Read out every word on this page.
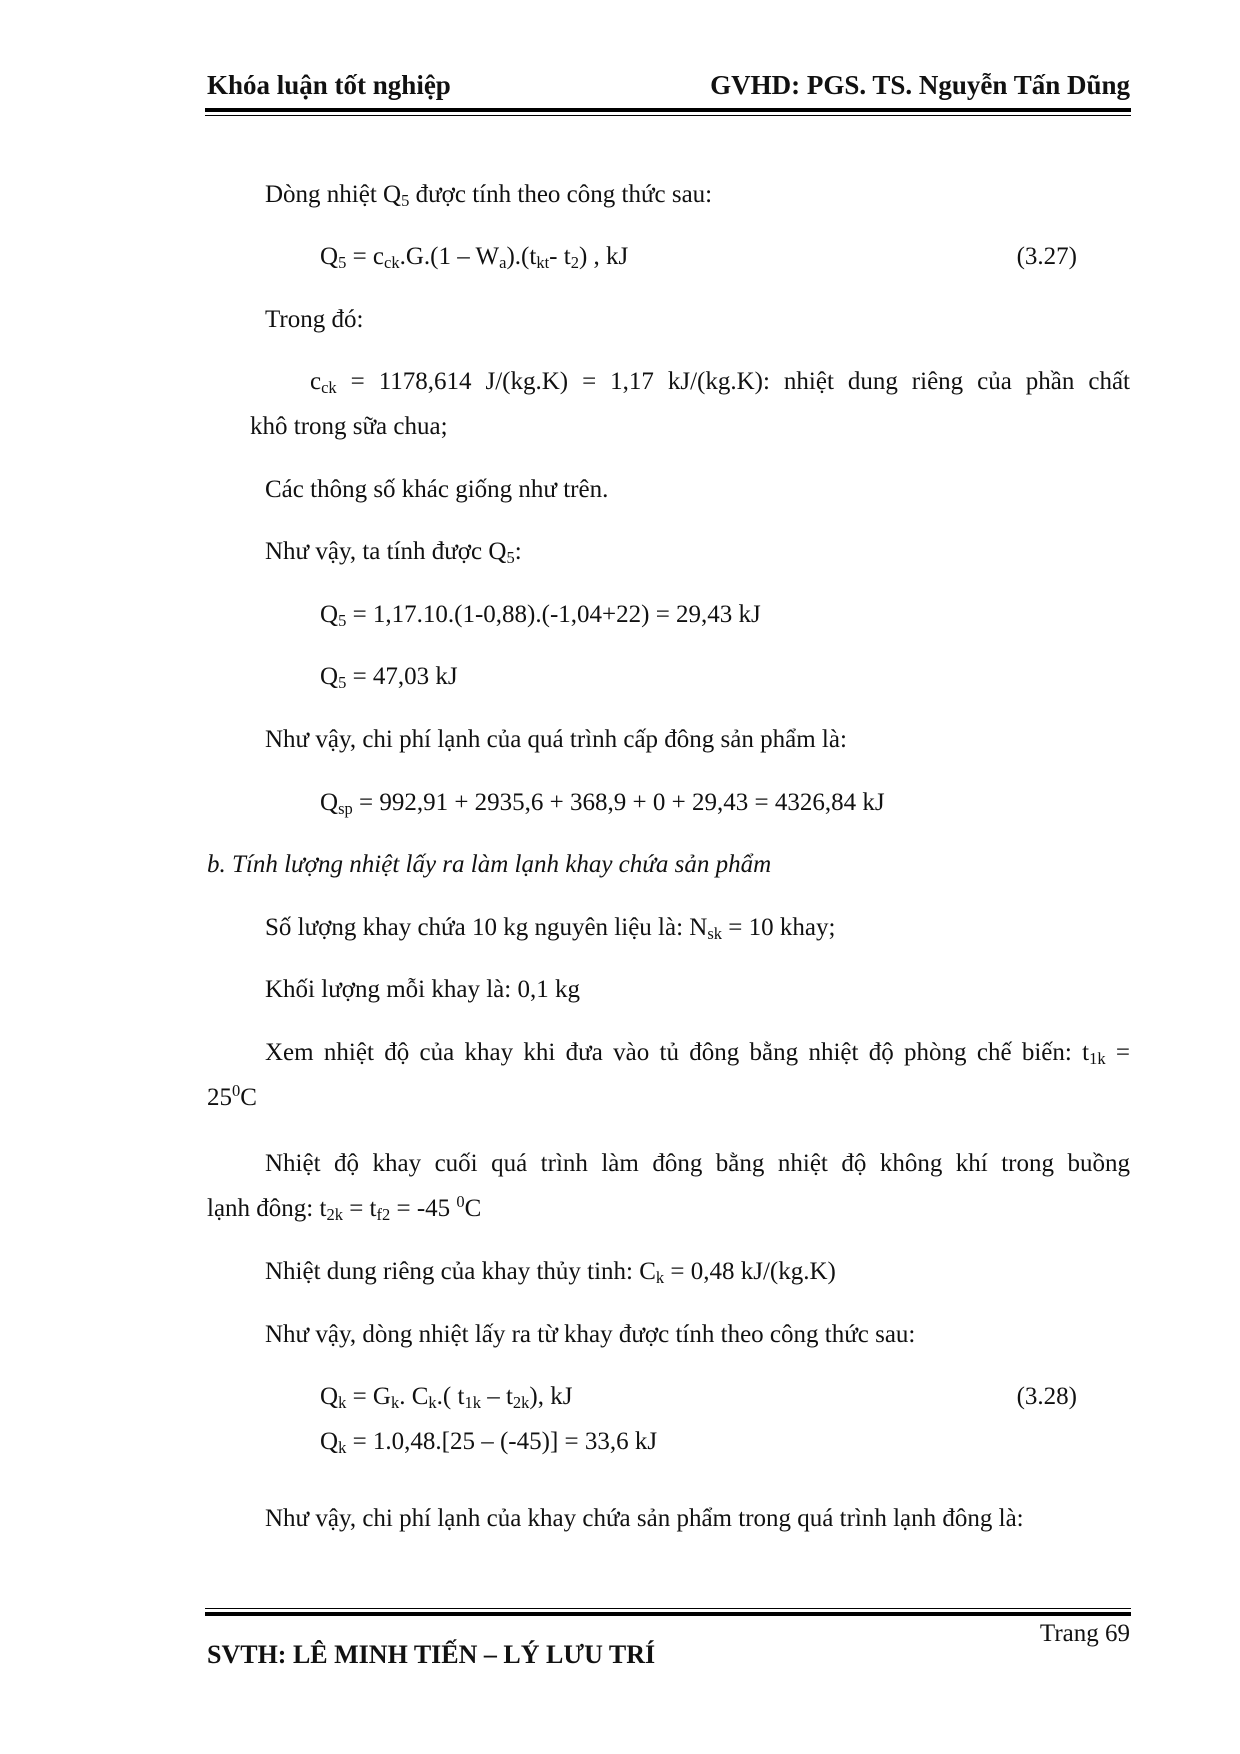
Khóa luận tốt nghiệp	GVHD: PGS. TS. Nguyễn Tấn Dũng
Dòng nhiệt $Q_5$ được tính theo công thức sau:
$Q_5 = c_{ck}.G.(1 - W_a).(t_{kt}-$ $t_2$) , kJ	(3.27)
Trong đó:
$c_{ck} = 1178,614$ J/(kg.K) = 1,17 kJ/(kg.K): nhiệt dung riêng của phần chất
khô trong sữa chua;
Các thông số khác giống như trên.
Như vậy, ta tính được $Q_5$:
$Q_5 = 1,17.10.(1-0,88).(-1,04+22) = 29,43$ kJ
$Q_5 = 47,03$ kJ
Như vậy, chi phí lạnh của quá trình cấp đông sản phẩm là:
$Q_{sp} = 992,91 + 2935,6 + 368,9 + 0 + 29,43 = 4326,84$ kJ
b. Tính lượng nhiệt lấy ra làm lạnh khay chứa sản phẩm
Số lượng khay chứa 10 kg nguyên liệu là: $N_{sk} = 10$ khay;
Khối lượng mỗi khay là: 0,1 kg
Xem nhiệt độ của khay khi đưa vào tủ đông bằng nhiệt độ phòng chế biến: $t_{1k}$ =
$25^0C$
Nhiệt độ khay cuối quá trình làm đông bằng nhiệt độ không khí trong buồng
lạnh đông: $t_{2k} = t_{f2} = -45$ $^0$C
Nhiệt dung riêng của khay thủy tinh: $C_k = 0,48$ kJ/(kg.K)
Như vậy, dòng nhiệt lấy ra từ khay được tính theo công thức sau:
$Q_k = G_k$. $C_k$.( $t_{1k} - t_{2k}$), kJ	(3.28)
$Q_k = 1.0,48.[25 - (-45)] = 33,6$ kJ
Như vậy, chi phí lạnh của khay chứa sản phẩm trong quá trình lạnh đông là:
Trang 69
SVTH: LÊ MINH TIẾN – LÝ LƯU TRÍ
